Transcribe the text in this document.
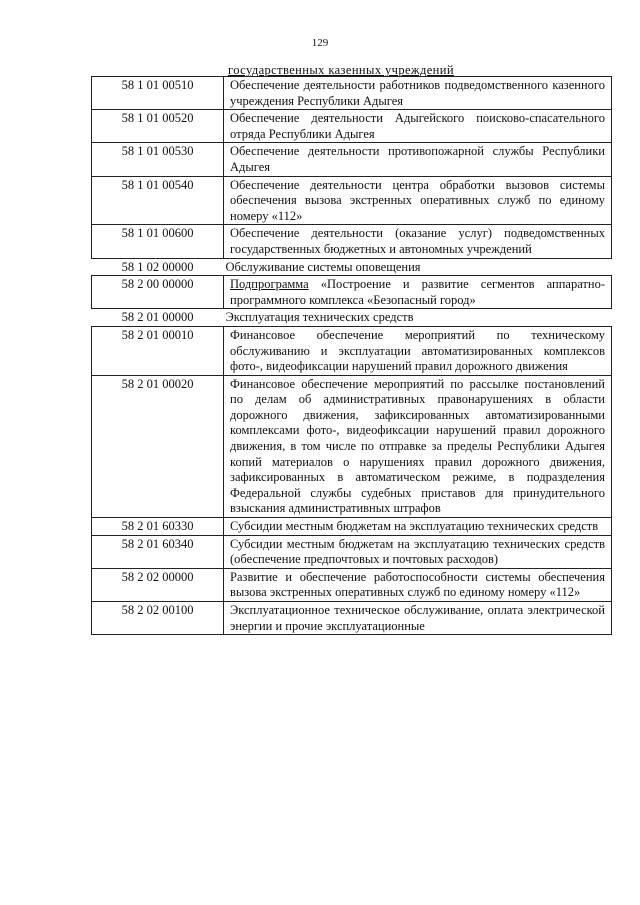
129
государственных казенных учреждений
58 1 01 00510	Обеспечение деятельности работников подведомственного казенного учреждения Республики Адыгея
58 1 01 00520	Обеспечение деятельности Адыгейского поисково-спасательного отряда Республики Адыгея
58 1 01 00530	Обеспечение деятельности противопожарной службы Республики Адыгея
58 1 01 00540	Обеспечение деятельности центра обработки вызовов системы обеспечения вызова экстренных оперативных служб по единому номеру «112»
58 1 01 00600	Обеспечение деятельности (оказание услуг) подведомственных государственных бюджетных и автономных учреждений
58 1 02 00000	Обслуживание системы оповещения
58 2 00 00000	Подпрограмма «Построение и развитие сегментов аппаратно-программного комплекса «Безопасный город»
58 2 01 00000	Эксплуатация технических средств
58 2 01 00010	Финансовое обеспечение мероприятий по техническому обслуживанию и эксплуатации автоматизированных комплексов фото-, видеофиксации нарушений правил дорожного движения
58 2 01 00020	Финансовое обеспечение мероприятий по рассылке постановлений по делам об административных правонарушениях в области дорожного движения, зафиксированных автоматизированными комплексами фото-, видеофиксации нарушений правил дорожного движения, в том числе по отправке за пределы Республики Адыгея копий материалов о нарушениях правил дорожного движения, зафиксированных в автоматическом режиме, в подразделения Федеральной службы судебных приставов для принудительного взыскания административных штрафов
58 2 01 60330	Субсидии местным бюджетам на эксплуатацию технических средств
58 2 01 60340	Субсидии местным бюджетам на эксплуатацию технических средств (обеспечение предпочтовых и почтовых расходов)
58 2 02 00000	Развитие и обеспечение работоспособности системы обеспечения вызова экстренных оперативных служб по единому номеру «112»
58 2 02 00100	Эксплуатационное техническое обслуживание, оплата электрической энергии и прочие эксплуатационные
